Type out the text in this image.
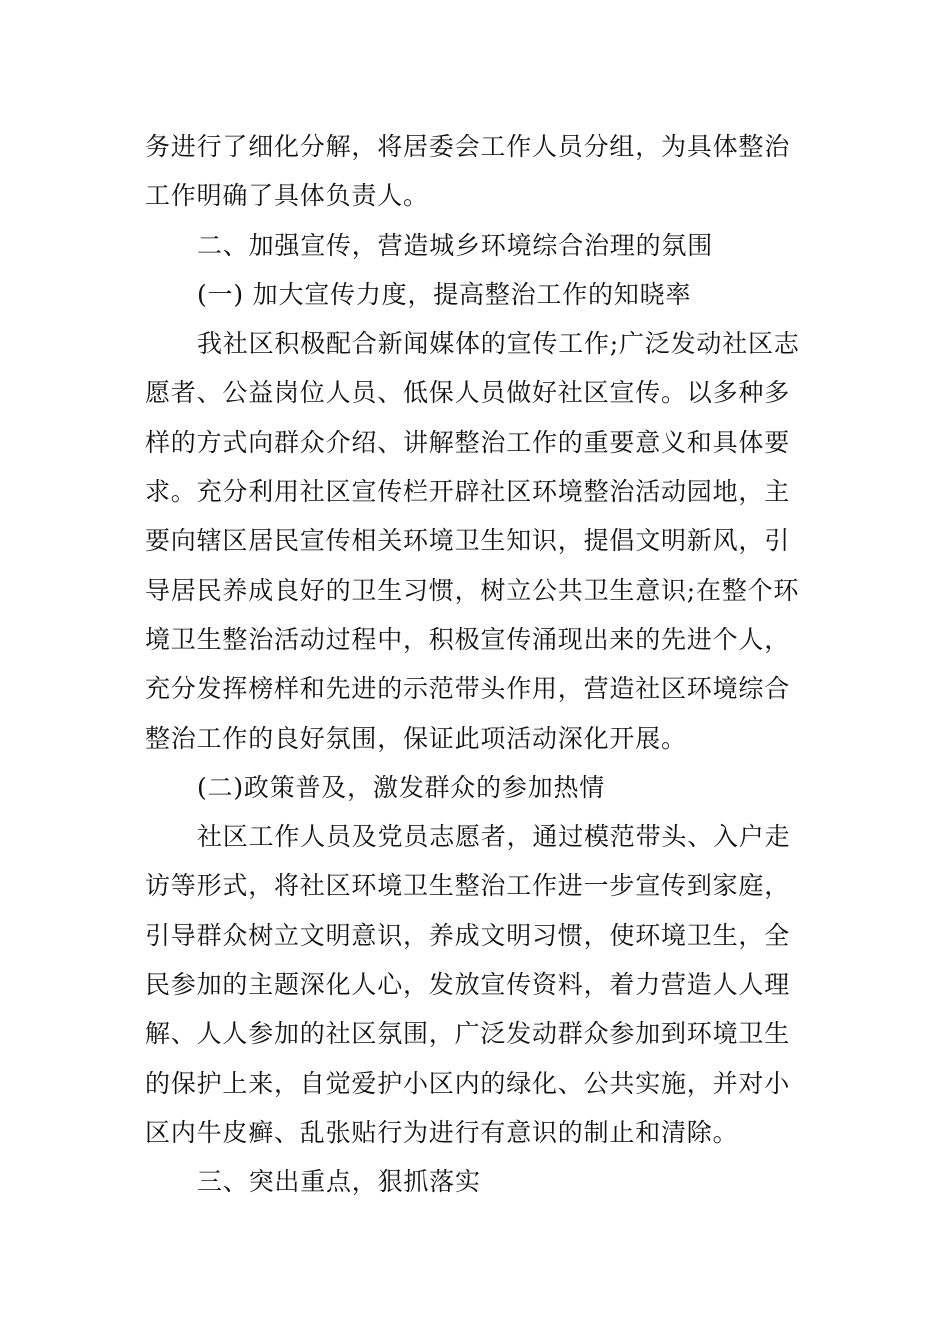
务进行了细化分解，将居委会工作人员分组，为具体整治
工作明确了具体负责人。

二、加强宣传，营造城乡环境综合治理的氛围

(一) 加大宣传力度，提高整治工作的知晓率

我社区积极配合新闻媒体的宣传工作;广泛发动社区志
愿者、公益岗位人员、低保人员做好社区宣传。以多种多
样的方式向群众介绍、讲解整治工作的重要意义和具体要
求。充分利用社区宣传栏开辟社区环境整治活动园地，主
要向辖区居民宣传相关环境卫生知识，提倡文明新风，引
导居民养成良好的卫生习惯，树立公共卫生意识;在整个环
境卫生整治活动过程中，积极宣传涌现出来的先进个人，
充分发挥榜样和先进的示范带头作用，营造社区环境综合
整治工作的良好氛围，保证此项活动深化开展。

(二)政策普及，激发群众的参加热情

社区工作人员及党员志愿者，通过模范带头、入户走
访等形式，将社区环境卫生整治工作进一步宣传到家庭，
引导群众树立文明意识，养成文明习惯，使环境卫生，全
民参加的主题深化人心，发放宣传资料，着力营造人人理
解、人人参加的社区氛围，广泛发动群众参加到环境卫生
的保护上来，自觉爱护小区内的绿化、公共实施，并对小
区内牛皮癣、乱张贴行为进行有意识的制止和清除。

三、突出重点，狠抓落实
